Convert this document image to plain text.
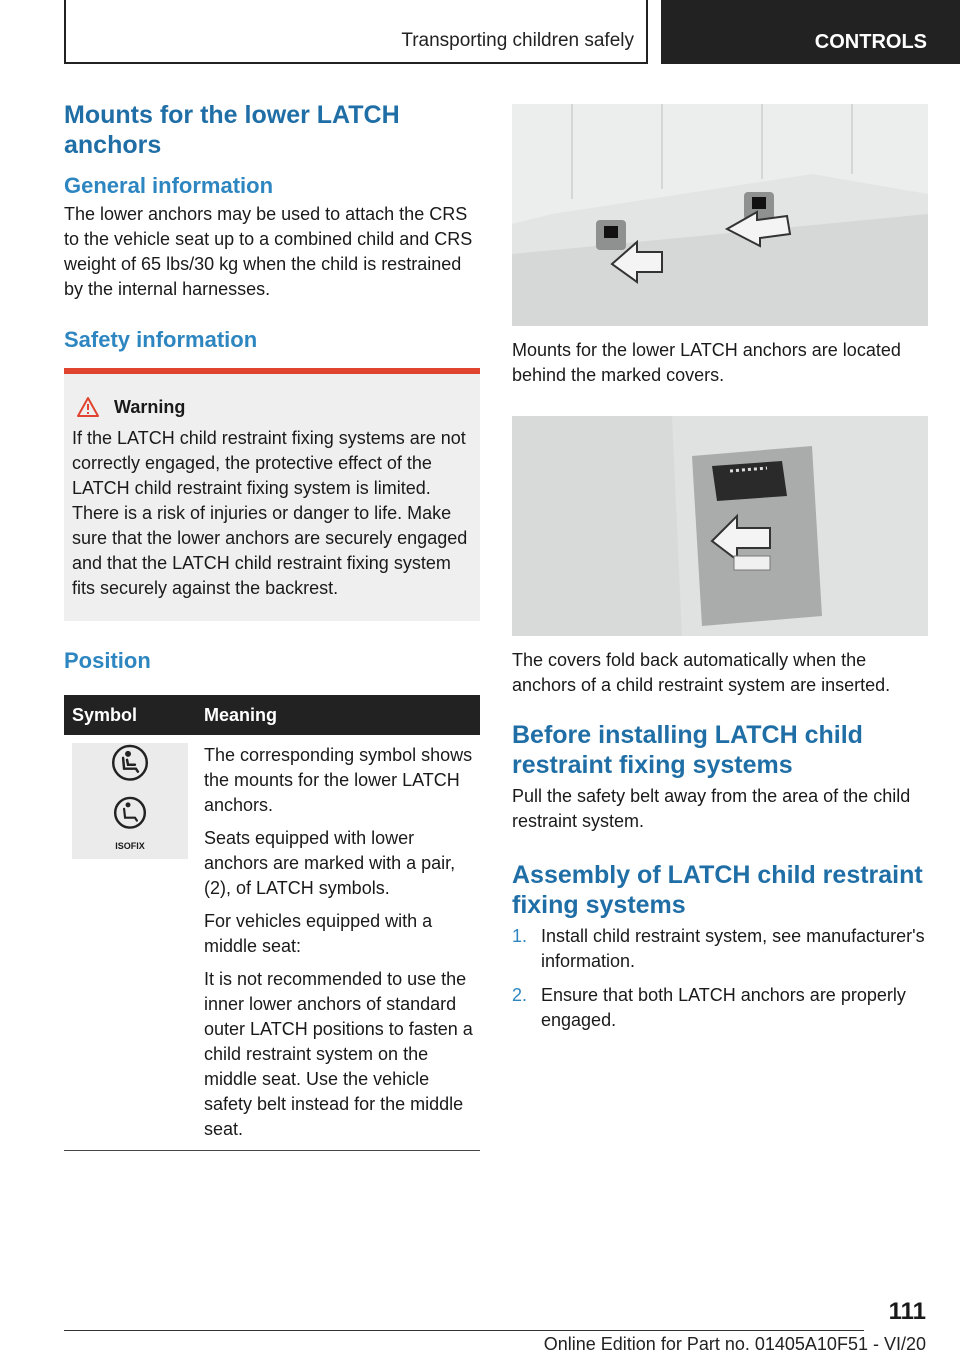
Transporting children safely	CONTROLS
Mounts for the lower LATCH anchors
General information

The lower anchors may be used to attach the CRS to the vehicle seat up to a combined child and CRS weight of 65 lbs/30 kg when the child is restrained by the internal harnesses.

Safety information
Warning

If the LATCH child restraint fixing systems are not correctly engaged, the protective effect of the LATCH child restraint fixing system is limited. There is a risk of injuries or danger to life. Make sure that the lower anchors are securely engaged and that the LATCH child restraint fixing system fits securely against the backrest.

Position
Symbol	Meaning

ISOFIX	The corresponding symbol shows the mounts for the lower LATCH anchors.

Seats equipped with lower anchors are marked with a pair, (2), of LATCH symbols.

For vehicles equipped with a middle seat:

It is not recommended to use the inner lower anchors of standard outer LATCH positions to fasten a child restraint system on the middle seat. Use the vehicle safety belt instead for the middle seat.

Mounts for the lower LATCH anchors are located behind the marked covers.

The covers fold back automatically when the anchors of a child restraint system are inserted.

Before installing LATCH child restraint fixing systems

Pull the safety belt away from the area of the child restraint system.

Assembly of LATCH child restraint fixing systems
1. Install child restraint system, see manufacturer's information.
2. Ensure that both LATCH anchors are properly engaged.
111
Online Edition for Part no. 01405A10F51 - VI/20
